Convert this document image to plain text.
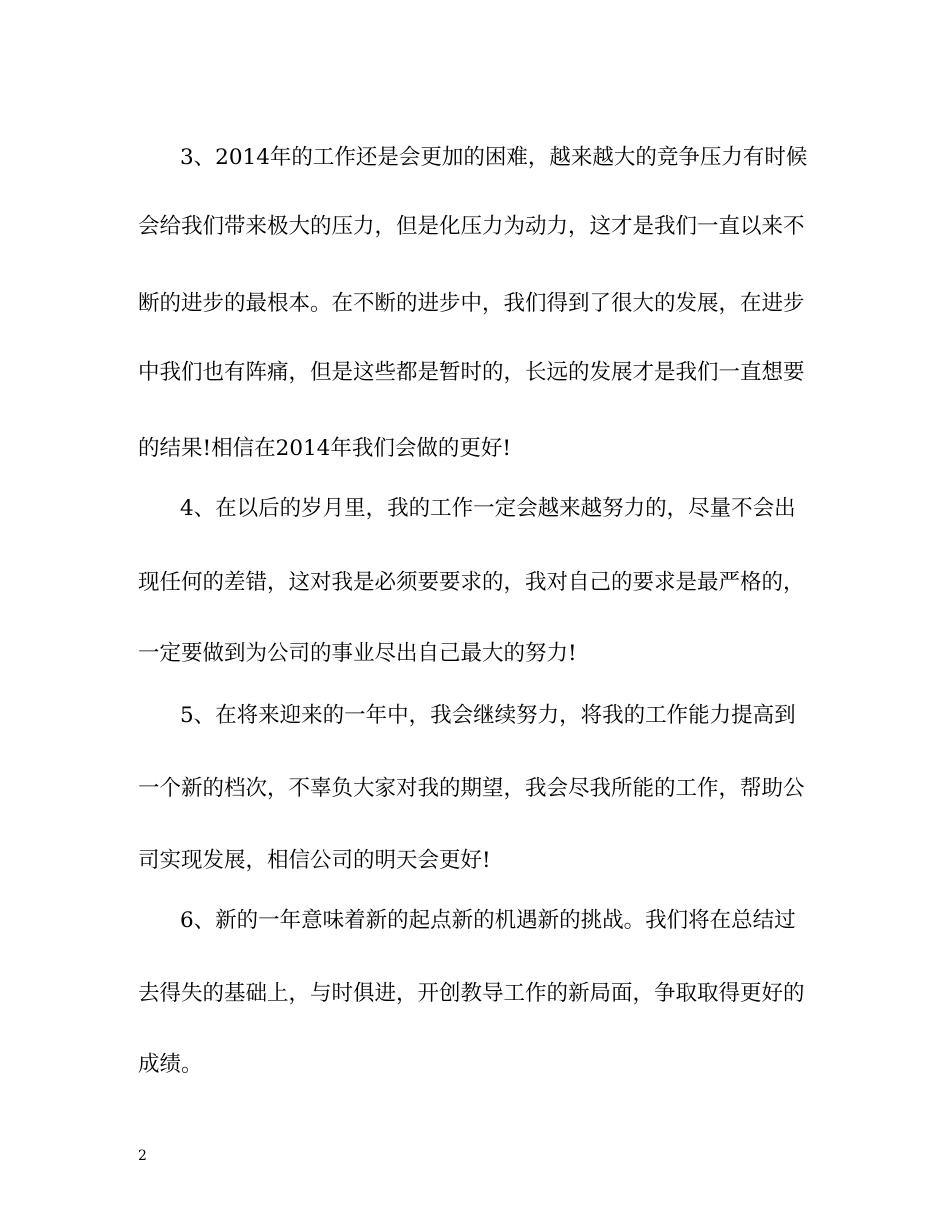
3、2014年的工作还是会更加的困难，越来越大的竞争压力有时候
会给我们带来极大的压力，但是化压力为动力，这才是我们一直以来不
断的进步的最根本。在不断的进步中，我们得到了很大的发展，在进步
中我们也有阵痛，但是这些都是暂时的，长远的发展才是我们一直想要
的结果!相信在2014年我们会做的更好!
4、在以后的岁月里，我的工作一定会越来越努力的，尽量不会出
现任何的差错，这对我是必须要要求的，我对自己的要求是最严格的，
一定要做到为公司的事业尽出自己最大的努力!
5、在将来迎来的一年中，我会继续努力，将我的工作能力提高到
一个新的档次，不辜负大家对我的期望，我会尽我所能的工作，帮助公
司实现发展，相信公司的明天会更好!
6、新的一年意味着新的起点新的机遇新的挑战。我们将在总结过
去得失的基础上，与时俱进，开创教导工作的新局面，争取取得更好的
成绩。
2
